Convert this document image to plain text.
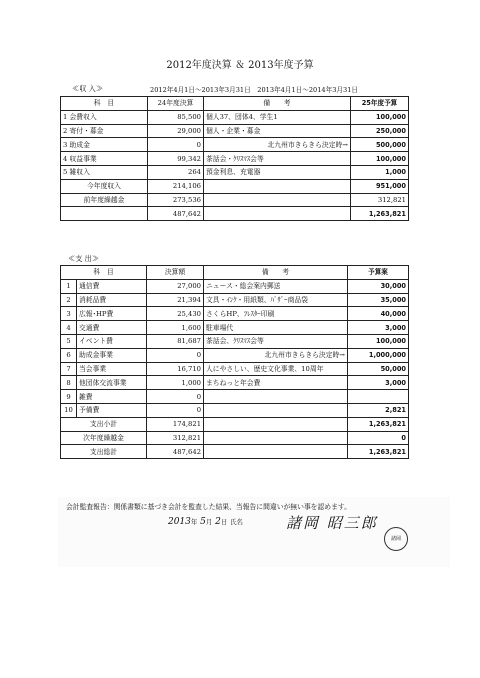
2012年度決算 ＆ 2013年度予算
≪収 入≫	2012年4月1日～2013年3月31日　2013年4月1日～2014年3月31日
科　目	24年度決算	備　　考	25年度予算
1 会費収入	85,500	個人37、団体4、学生1	100,000
2 寄付・募金	29,000	個人・企業・募金	250,000
3 助成金	0	北九州市きらきら決定時→	500,000
4 収益事業	99,342	茶話会・ｸﾘｽﾏｽ会等	100,000
5 雑収入	264	預金利息、充電器	1,000
今年度収入	214,106		951,000
前年度繰越金	273,536		312,821
	487,642		1,263,821
≪支 出≫
科　目		決算額	備　　考	予算案
1	通信費	27,000	ニュース・総会案内郵送	30,000
2	消耗品費	21,394	文具・ｲﾝｸ・用紙類、ﾊﾞｻﾞｰ商品袋	35,000
3	広報･HP費	25,430	さくらHP、ﾌﾚｽﾀｰ印刷	40,000
4	交通費	1,600	駐車場代	3,000
5	イベント費	81,687	茶話会、ｸﾘｽﾏｽ会等	100,000
6	助成金事業	0	北九州市きらきら決定時→	1,000,000
7	当会事業	16,710	人にやさしい、歴史文化事業、10周年	50,000
8	他団体交流事業	1,000	まちねっと年会費	3,000
9	雑費	0		
10	予備費	0		2,821
支出小計		174,821		1,263,821
次年度繰越金		312,821		0
支出総計		487,642		1,263,821
会計監査報告：関係書類に基づき会計を監査した結果、当報告に間違いが無い事を認めます。
2013年 5月 2日 氏名	諸岡 昭三郎
諸岡
